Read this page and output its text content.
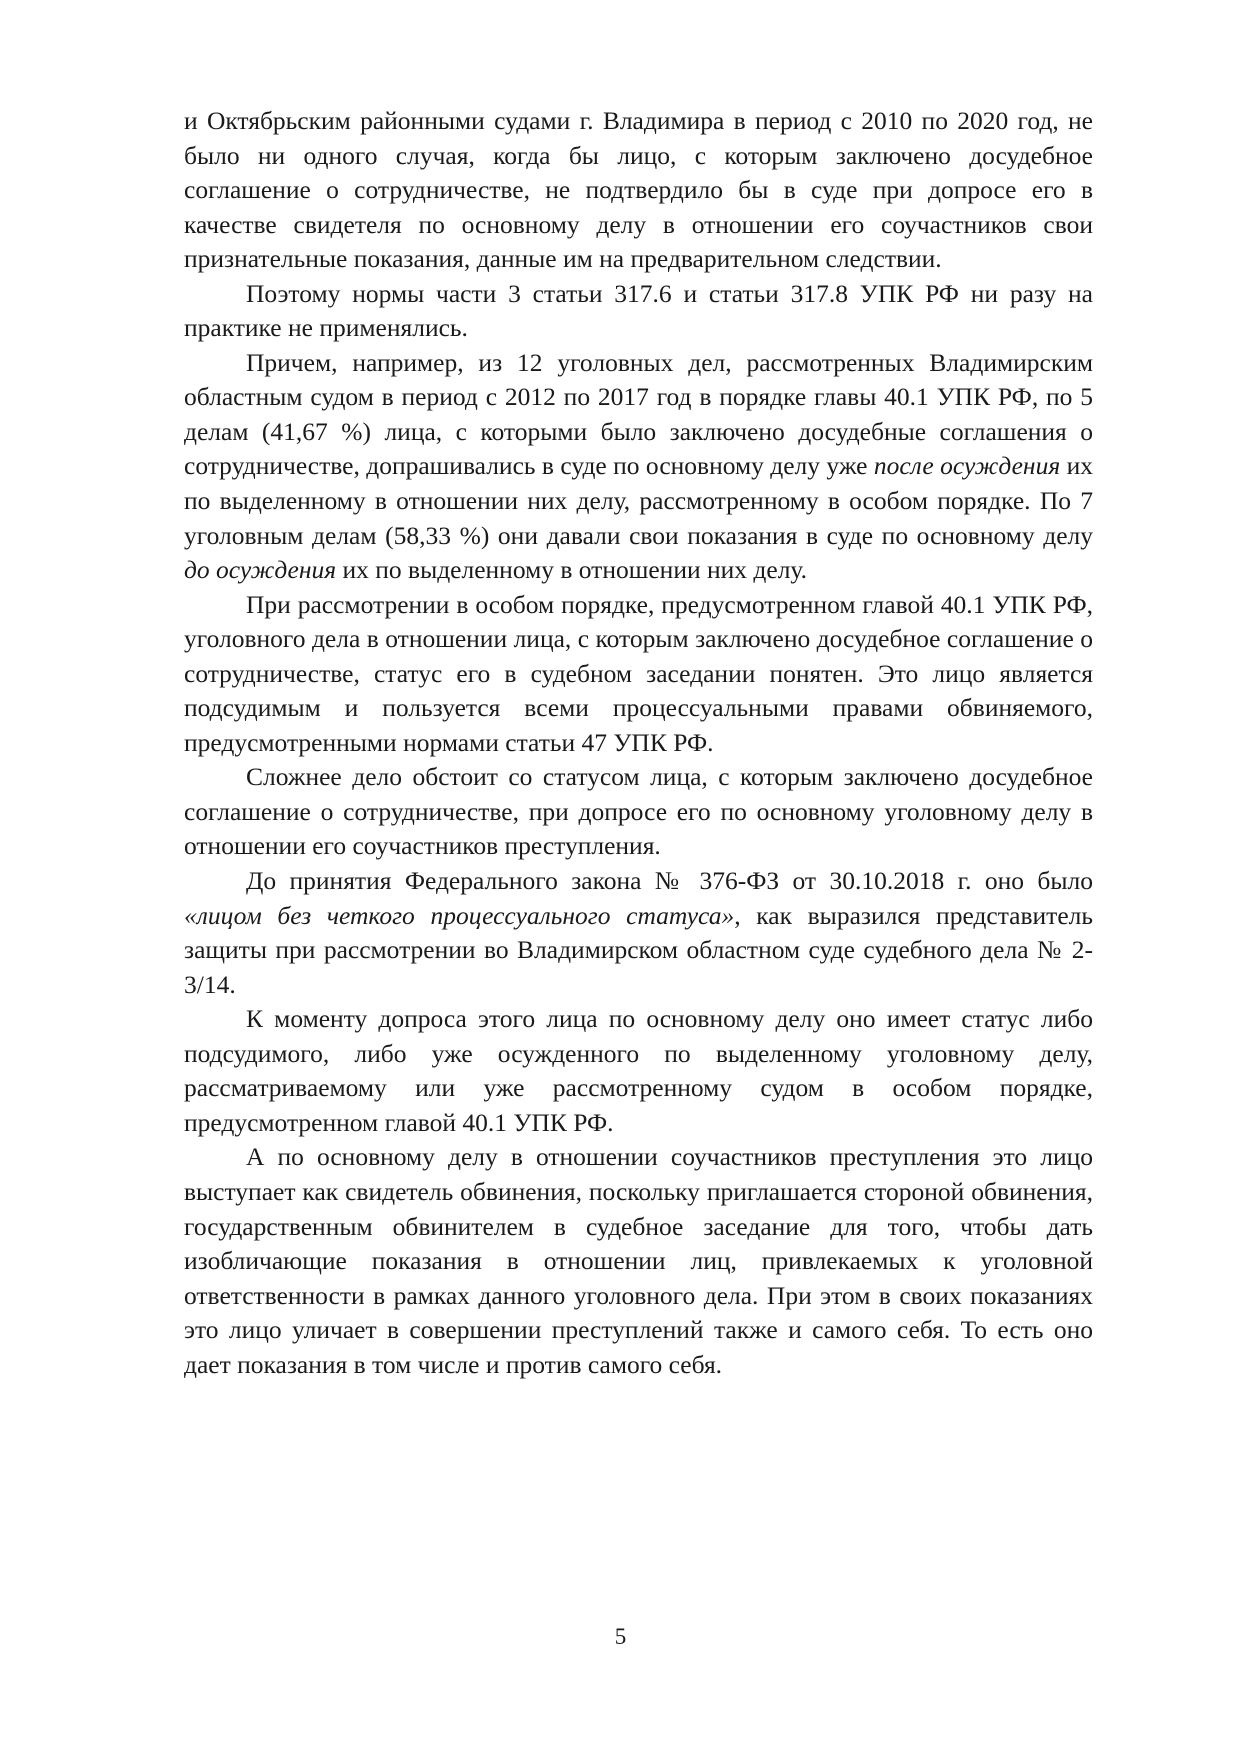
и Октябрьским районными судами г. Владимира в период с 2010 по 2020 год, не было ни одного случая, когда бы лицо, с которым заключено досудебное соглашение о сотрудничестве, не подтвердило бы в суде при допросе его в качестве свидетеля по основному делу в отношении его соучастников свои признательные показания, данные им на предварительном следствии.

Поэтому нормы части 3 статьи 317.6 и статьи 317.8 УПК РФ ни разу на практике не применялись.

Причем, например, из 12 уголовных дел, рассмотренных Владимирским областным судом в период с 2012 по 2017 год в порядке главы 40.1 УПК РФ, по 5 делам (41,67 %) лица, с которыми было заключено досудебные соглашения о сотрудничестве, допрашивались в суде по основному делу уже после осуждения их по выделенному в отношении них делу, рассмотренному в особом порядке. По 7 уголовным делам (58,33 %) они давали свои показания в суде по основному делу до осуждения их по выделенному в отношении них делу.

При рассмотрении в особом порядке, предусмотренном главой 40.1 УПК РФ, уголовного дела в отношении лица, с которым заключено досудебное соглашение о сотрудничестве, статус его в судебном заседании понятен. Это лицо является подсудимым и пользуется всеми процессуальными правами обвиняемого, предусмотренными нормами статьи 47 УПК РФ.

Сложнее дело обстоит со статусом лица, с которым заключено досудебное соглашение о сотрудничестве, при допросе его по основному уголовному делу в отношении его соучастников преступления.

До принятия Федерального закона № 376-ФЗ от 30.10.2018 г. оно было «лицом без четкого процессуального статуса», как выразился представитель защиты при рассмотрении во Владимирском областном суде судебного дела № 2-3/14.

К моменту допроса этого лица по основному делу оно имеет статус либо подсудимого, либо уже осужденного по выделенному уголовному делу, рассматриваемому или уже рассмотренному судом в особом порядке, предусмотренном главой 40.1 УПК РФ.

А по основному делу в отношении соучастников преступления это лицо выступает как свидетель обвинения, поскольку приглашается стороной обвинения, государственным обвинителем в судебное заседание для того, чтобы дать изобличающие показания в отношении лиц, привлекаемых к уголовной ответственности в рамках данного уголовного дела. При этом в своих показаниях это лицо уличает в совершении преступлений также и самого себя. То есть оно дает показания в том числе и против самого себя.

5
